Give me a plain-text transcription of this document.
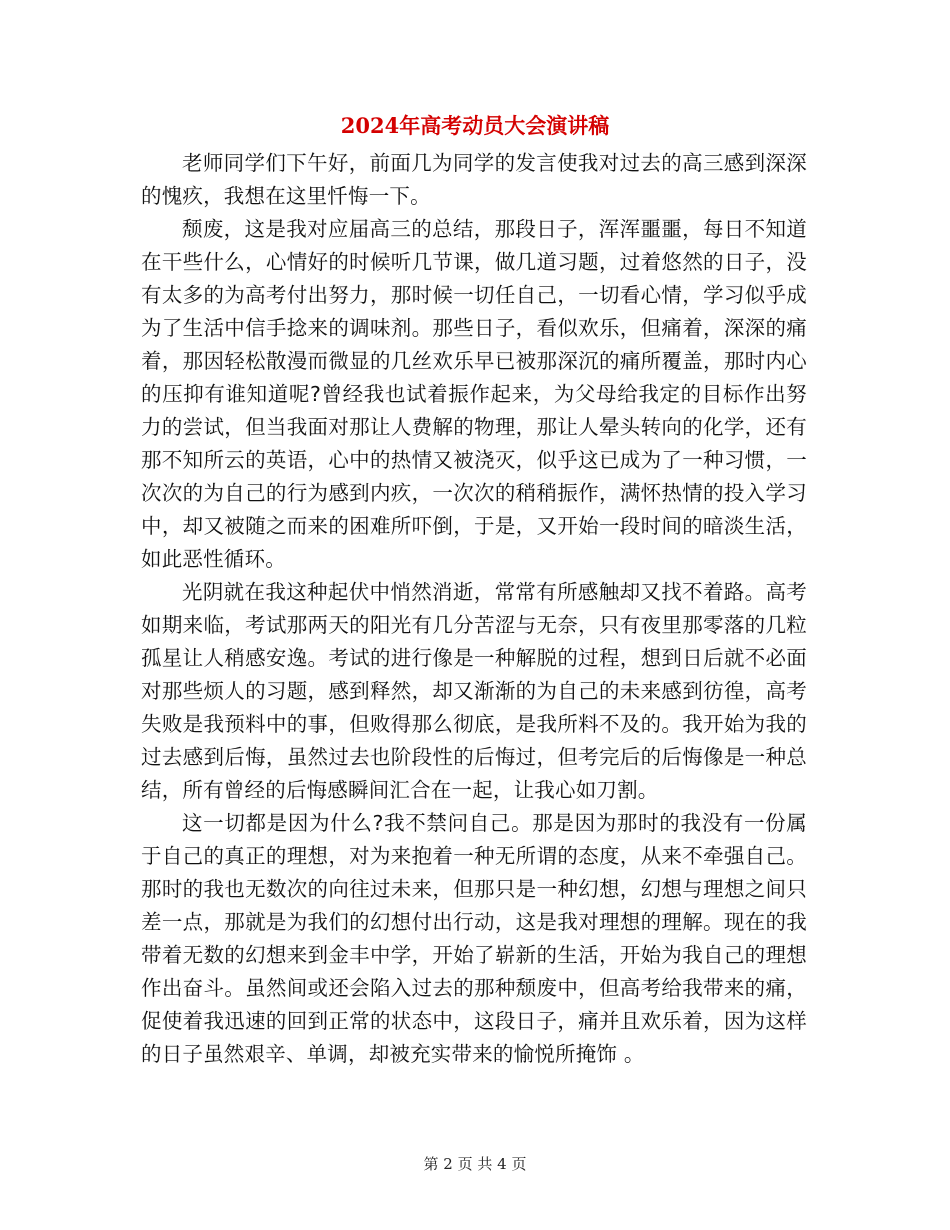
2024年高考动员大会演讲稿

老师同学们下午好，前面几为同学的发言使我对过去的高三感到深深的愧疚，我想在这里忏悔一下。

颓废，这是我对应届高三的总结，那段日子，浑浑噩噩，每日不知道在干些什么，心情好的时候听几节课，做几道习题，过着悠然的日子，没有太多的为高考付出努力，那时候一切任自己，一切看心情，学习似乎成为了生活中信手捻来的调味剂。那些日子，看似欢乐，但痛着，深深的痛着，那因轻松散漫而微显的几丝欢乐早已被那深沉的痛所覆盖，那时内心的压抑有谁知道呢?曾经我也试着振作起来，为父母给我定的目标作出努力的尝试，但当我面对那让人费解的物理，那让人晕头转向的化学，还有那不知所云的英语，心中的热情又被浇灭，似乎这已成为了一种习惯，一次次的为自己的行为感到内疚，一次次的稍稍振作，满怀热情的投入学习中，却又被随之而来的困难所吓倒，于是，又开始一段时间的暗淡生活，如此恶性循环。

光阴就在我这种起伏中悄然消逝，常常有所感触却又找不着路。高考如期来临，考试那两天的阳光有几分苦涩与无奈，只有夜里那零落的几粒孤星让人稍感安逸。考试的进行像是一种解脱的过程，想到日后就不必面对那些烦人的习题，感到释然，却又渐渐的为自己的未来感到彷徨，高考失败是我预料中的事，但败得那么彻底，是我所料不及的。我开始为我的过去感到后悔，虽然过去也阶段性的后悔过，但考完后的后悔像是一种总结，所有曾经的后悔感瞬间汇合在一起，让我心如刀割。

这一切都是因为什么?我不禁问自己。那是因为那时的我没有一份属于自己的真正的理想，对为来抱着一种无所谓的态度，从来不牵强自己。那时的我也无数次的向往过未来，但那只是一种幻想，幻想与理想之间只差一点，那就是为我们的幻想付出行动，这是我对理想的理解。现在的我带着无数的幻想来到金丰中学，开始了崭新的生活，开始为我自己的理想作出奋斗。虽然间或还会陷入过去的那种颓废中，但高考给我带来的痛，促使着我迅速的回到正常的状态中，这段日子，痛并且欢乐着，因为这样的日子虽然艰辛、单调，却被充实带来的愉悦所掩饰 。

第 2 页 共 4 页
